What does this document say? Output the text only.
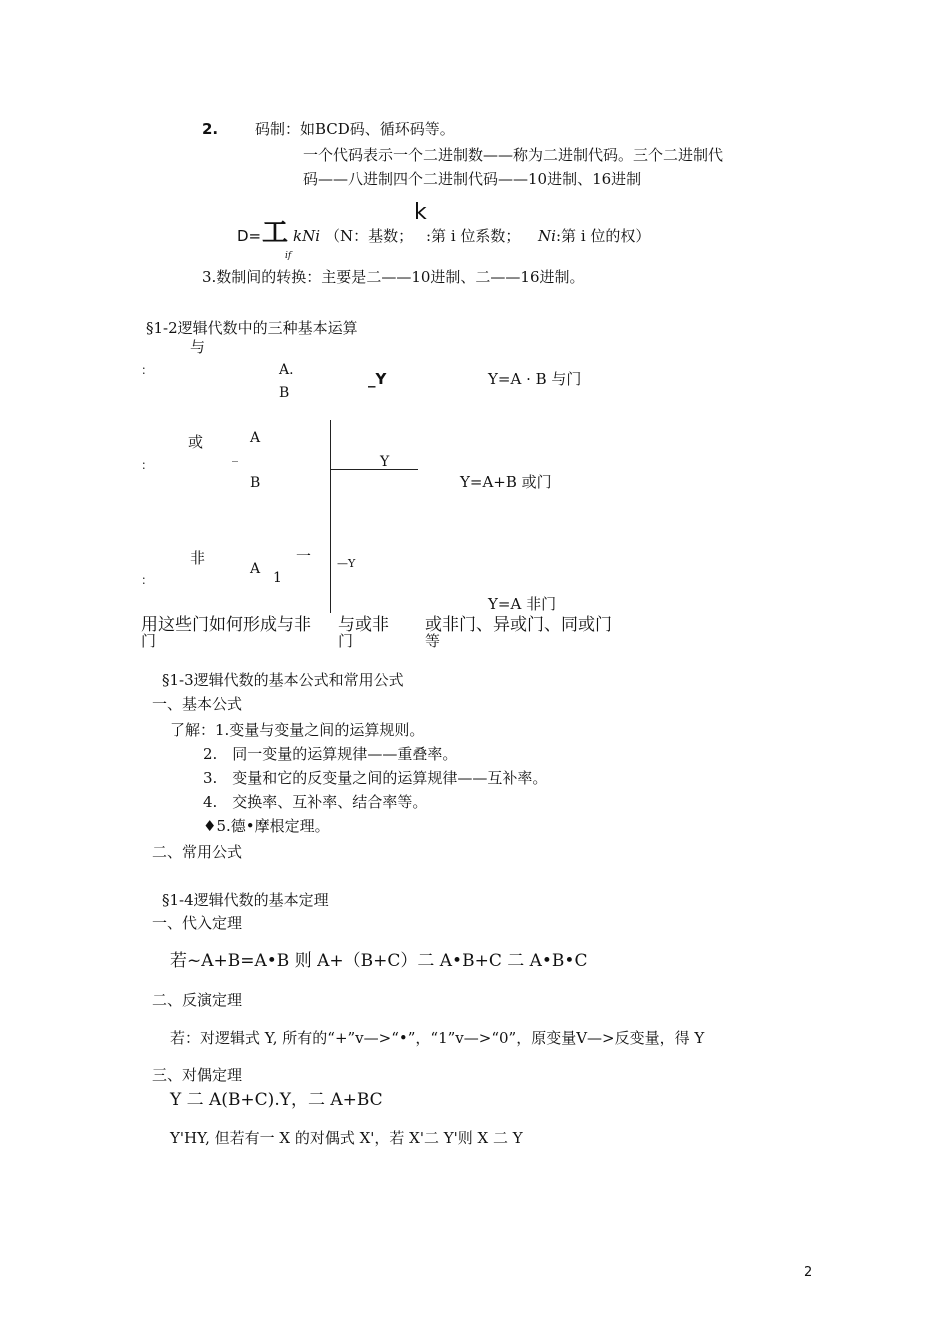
2. 码制：如BCD码、循环码等。
一个代码表示一个二进制数——称为二进制代码。三个二进制代
码——八进制四个二进制代码——10进制、16进制
k
D= 工 kNi （N：基数； :第 i 位系数； Ni :第 i 位的权）
if
3.数制间的转换：主要是二——10进制、二——16进制。
§1-2逻辑代数中的三种基本运算
与
：	A.
B
_Y	Y=A · B 与门
或
：
A
_
B
Y
Y=A+B 或门
非
：
一
A
1
—Y
Y=A 非门
用这些门如何形成与非 与或非 或非门、异或门、同或门
门	门	等
§1-3逻辑代数的基本公式和常用公式
一、基本公式
了解：1.变量与变量之间的运算规则。
2.　同一变量的运算规律——重叠率。
3.　变量和它的反变量之间的运算规律——互补率。
4.　交换率、互补率、结合率等。
♦5.德•摩根定理。
二、常用公式
§1-4逻辑代数的基本定理
一、代入定理
若~A+B=A•B 则 A+（B+C）二 A•B+C 二 A•B•C
二、反演定理
若：对逻辑式 Y, 所有的“+”v—>“•”，“1”v—>“0”，原变量V—>反变量，得 Y
三、对偶定理
Y 二 A(B+C).Y，二 A+BC
Y'HY, 但若有一 X 的对偶式 X'，若 X'二 Y'则 X 二 Y
2
